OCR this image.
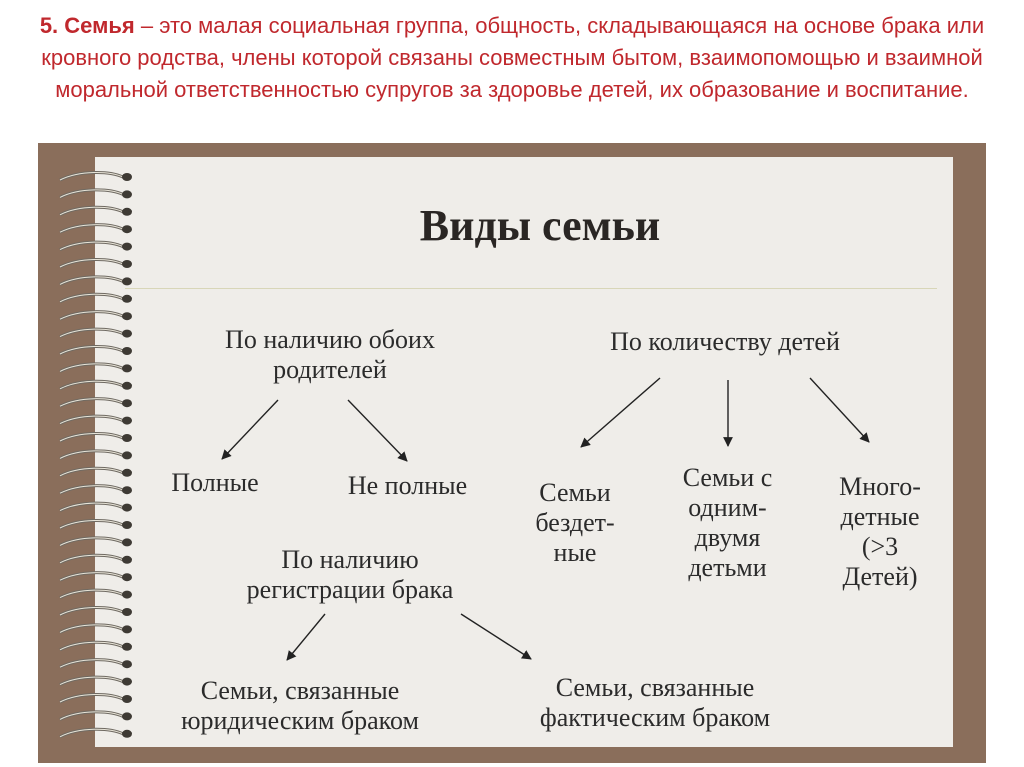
5. Семья – это малая социальная группа, общность, складывающаяся на основе брака или кровного родства, члены которой связаны совместным бытом, взаимопомощью и взаимной моральной ответственностью супругов за здоровье детей, их образование и воспитание.
Виды семьи
По наличию обоих
родителей
Полные	Не полные
По количеству детей
Семьи
бездет-
ные
Семьи с
одним-
двумя
детьми
Много-
детные
(>3
Детей)
По наличию
регистрации брака
Семьи, связанные
юридическим браком
Семьи, связанные
фактическим браком
